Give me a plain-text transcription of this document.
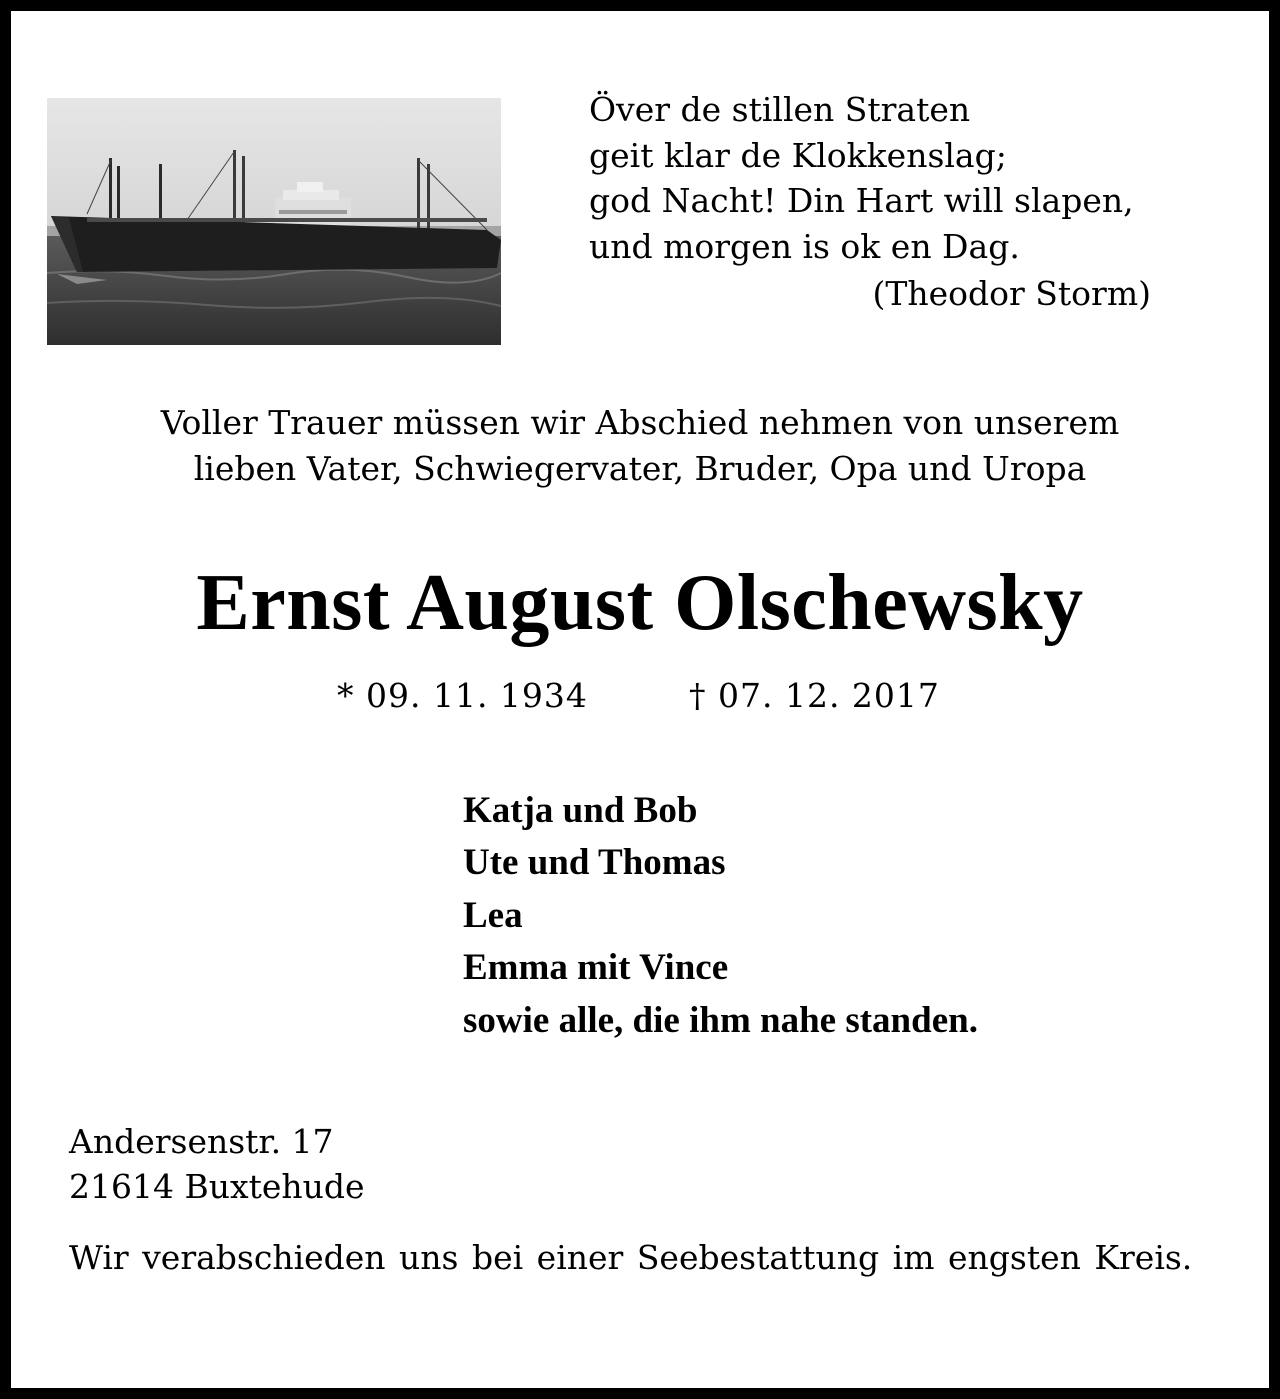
Över de stillen Straten
geit klar de Klokkenslag;
god Nacht! Din Hart will slapen,
und morgen is ok en Dag.
(Theodor Storm)
Voller Trauer müssen wir Abschied nehmen von unserem
lieben Vater, Schwiegervater, Bruder, Opa und Uropa
Ernst August Olschewsky
* 09. 11. 1934	† 07. 12. 2017
Katja und Bob
Ute und Thomas
Lea
Emma mit Vince
sowie alle, die ihm nahe standen.
Andersenstr. 17
21614 Buxtehude
Wir verabschieden uns bei einer Seebestattung im engsten Kreis.
